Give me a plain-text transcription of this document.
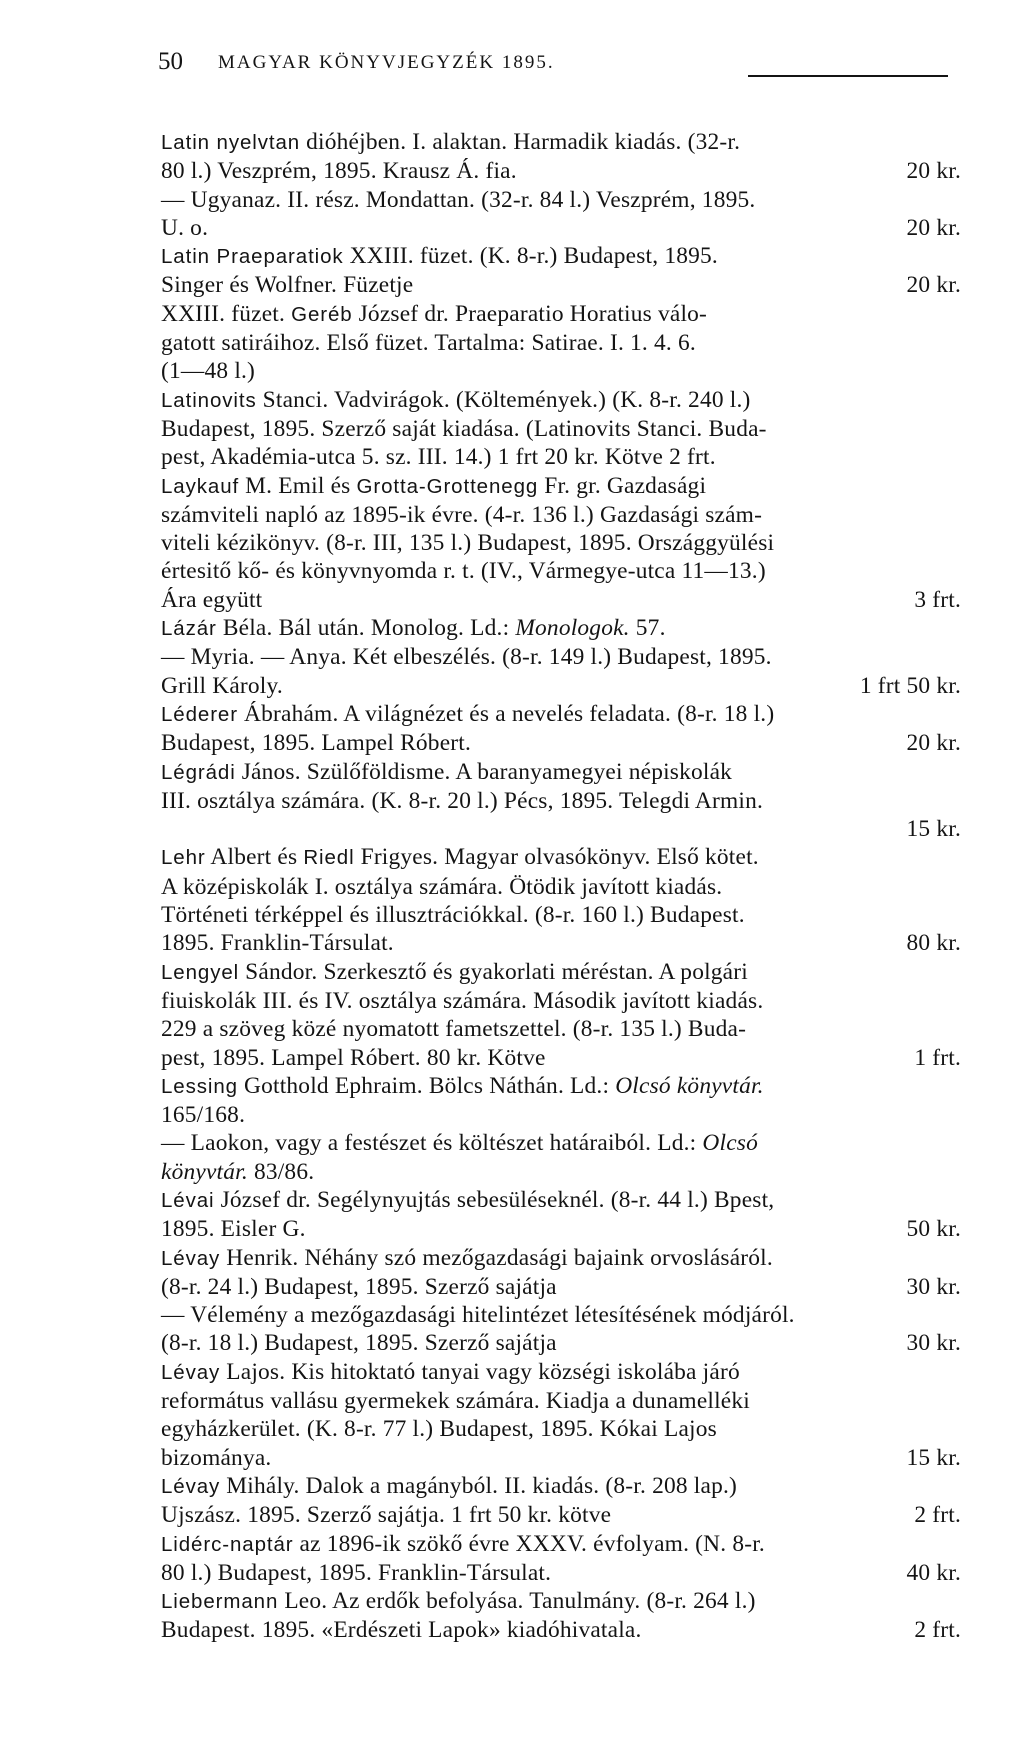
50 MAGYAR KÖNYVJEGYZÉK 1895.
Latin nyelvtan dióhéjben. I. alaktan. Harmadik kiadás. (32-r.
80 l.) Veszprém, 1895. Krausz Á. fia.	20 kr.
— Ugyanaz. II. rész. Mondattan. (32-r. 84 l.) Veszprém, 1895.
U. o.	20 kr.
Latin Praeparatiok XXIII. füzet. (K. 8-r.) Budapest, 1895.
Singer és Wolfner. Füzetje	20 kr.
XXIII. füzet. Geréb József dr. Praeparatio Horatius válo-
gatott satiráihoz. Első füzet. Tartalma: Satirae. I. 1. 4. 6.
(1—48 l.)
Latinovits Stanci. Vadvirágok. (Költemények.) (K. 8-r. 240 l.)
Budapest, 1895. Szerző saját kiadása. (Latinovits Stanci. Buda-
pest, Akadémia-utca 5. sz. III. 14.) 1 frt 20 kr. Kötve 2 frt.
Laykauf M. Emil és Grotta-Grottenegg Fr. gr. Gazdasági
számviteli napló az 1895-ik évre. (4-r. 136 l.) Gazdasági szám-
viteli kézikönyv. (8-r. III, 135 l.) Budapest, 1895. Országgyülési
értesitő kő- és könyvnyomda r. t. (IV., Vármegye-utca 11—13.)
Ára együtt	3 frt.
Lázár Béla. Bál után. Monolog. Ld.: Monologok. 57.
— Myria. — Anya. Két elbeszélés. (8-r. 149 l.) Budapest, 1895.
Grill Károly.	1 frt 50 kr.
Léderer Ábrahám. A világnézet és a nevelés feladata. (8-r. 18 l.)
Budapest, 1895. Lampel Róbert.	20 kr.
Légrádi János. Szülőföldisme. A baranyamegyei népiskolák
III. osztálya számára. (K. 8-r. 20 l.) Pécs, 1895. Telegdi Armin.
15 kr.

Lehr Albert és Riedl Frigyes. Magyar olvasókönyv. Első kötet.
A középiskolák I. osztálya számára. Ötödik javított kiadás.
Történeti térképpel és illusztrációkkal. (8-r. 160 l.) Budapest.
1895. Franklin-Társulat.	80 kr.
Lengyel Sándor. Szerkesztő és gyakorlati méréstan. A polgári
fiuiskolák III. és IV. osztálya számára. Második javított kiadás.
229 a szöveg közé nyomatott fametszettel. (8-r. 135 l.) Buda-
pest, 1895. Lampel Róbert. 80 kr. Kötve	1 frt.
Lessing Gotthold Ephraim. Bölcs Náthán. Ld.: Olcsó könyvtár.
165/168.
— Laokon, vagy a festészet és költészet határaiból. Ld.: Olcsó
könyvtár. 83/86.
Lévai József dr. Segélynyujtás sebesüléseknél. (8-r. 44 l.) Bpest,
1895. Eisler G.	50 kr.
Lévay Henrik. Néhány szó mezőgazdasági bajaink orvoslásáról.
(8-r. 24 l.) Budapest, 1895. Szerző sajátja	30 kr.
— Vélemény a mezőgazdasági hitelintézet létesítésének módjáról.
(8-r. 18 l.) Budapest, 1895. Szerző sajátja	30 kr.
Lévay Lajos. Kis hitoktató tanyai vagy községi iskolába járó
református vallásu gyermekek számára. Kiadja a dunamelléki
egyházkerület. (K. 8-r. 77 l.) Budapest, 1895. Kókai Lajos
bizománya.	15 kr.
Lévay Mihály. Dalok a magányból. II. kiadás. (8-r. 208 lap.)
Ujszász. 1895. Szerző sajátja. 1 frt 50 kr. kötve	2 frt.
Lidérc-naptár az 1896-ik szökő évre XXXV. évfolyam. (N. 8-r.
80 l.) Budapest, 1895. Franklin-Társulat.	40 kr.
Liebermann Leo. Az erdők befolyása. Tanulmány. (8-r. 264 l.)
Budapest. 1895. «Erdészeti Lapok» kiadóhivatala.	2 frt.
